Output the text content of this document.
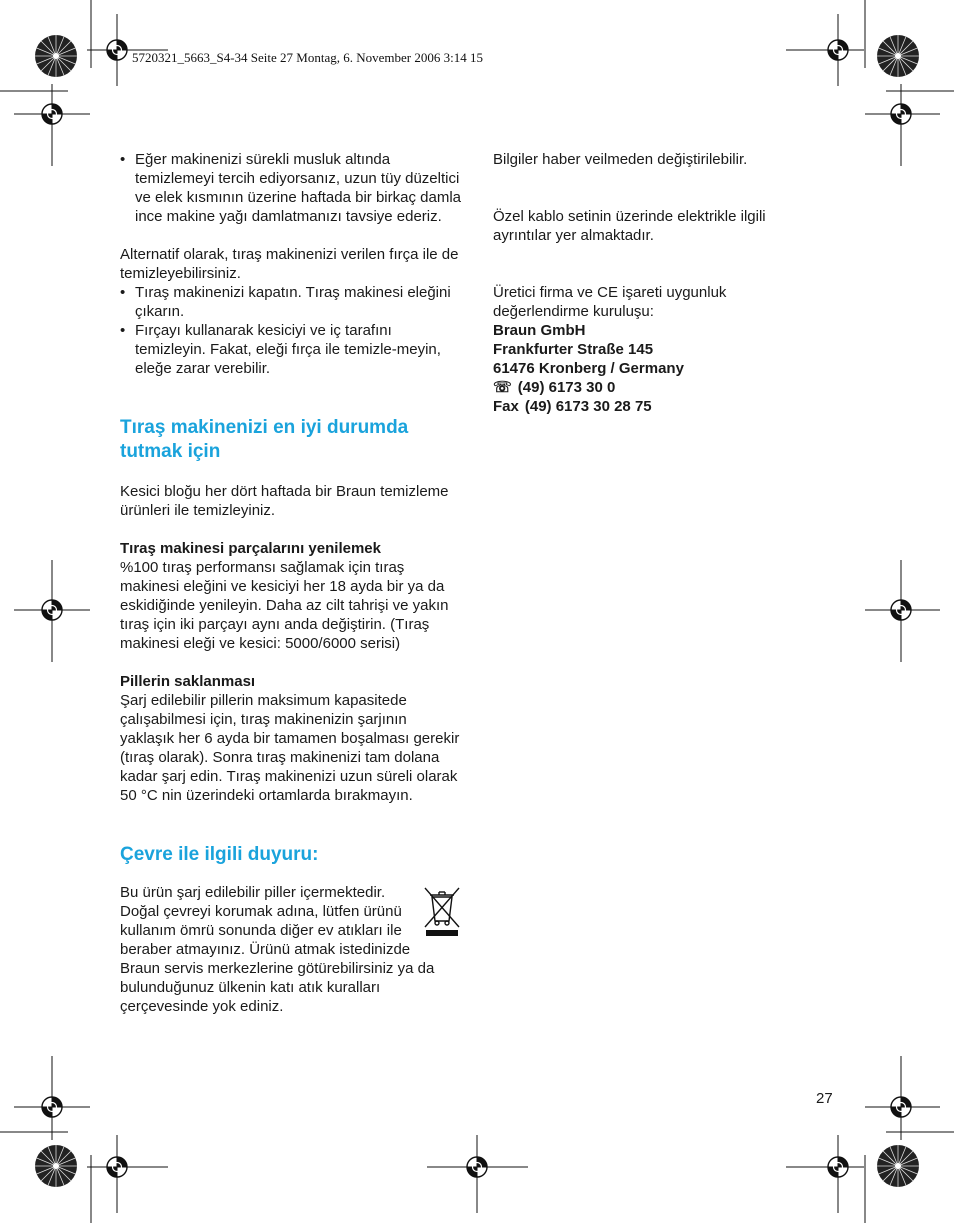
5720321_5663_S4-34 Seite 27 Montag, 6. November 2006 3:14 15

• Eğer makinenizi sürekli musluk altında temizlemeyi tercih ediyorsanız, uzun tüy düzeltici ve elek kısmının üzerine haftada bir birkaç damla ince makine yağı damlatmanızı tavsiye ederiz.

Alternatif olarak, tıraş makinenizi verilen fırça ile de temizleyebilirsiniz.

• Tıraş makinenizi kapatın. Tıraş makinesi eleğini çıkarın.

• Fırçayı kullanarak kesiciyi ve iç tarafını temizleyin. Fakat, eleği fırça ile temizle-meyin, eleğe zarar verebilir.

Tıraş makinenizi en iyi durumda tutmak için

Kesici bloğu her dört haftada bir Braun temizleme ürünleri ile temizleyiniz.

Tıraş makinesi parçalarını yenilemek

%100 tıraş performansı sağlamak için tıraş makinesi eleğini ve kesiciyi her 18 ayda bir ya da eskidiğinde yenileyin. Daha az cilt tahrişi ve yakın tıraş için iki parçayı aynı anda değiştirin. (Tıraş makinesi eleği ve kesici: 5000/6000 serisi)

Pillerin saklanması

Şarj edilebilir pillerin maksimum kapasitede çalışabilmesi için, tıraş makinenizin şarjının yaklaşık her 6 ayda bir tamamen boşalması gerekir (tıraş olarak). Sonra tıraş makinenizi tam dolana kadar şarj edin. Tıraş makinenizi uzun süreli olarak 50 °C nin üzerindeki ortamlarda bırakmayın.

Çevre ile ilgili duyuru:

Bu ürün şarj edilebilir piller içermektedir. Doğal çevreyi korumak adına, lütfen ürünü kullanım ömrü sonunda diğer ev atıkları ile beraber atmayınız. Ürünü atmak istedinizde Braun servis merkezlerine götürebilirsiniz ya da bulunduğunuz ülkenin katı atık kuralları çerçevesinde yok ediniz.

Bilgiler haber veilmeden değiştirilebilir.

Özel kablo setinin üzerinde elektrikle ilgili ayrıntılar yer almaktadır.

Üretici firma ve CE işareti uygunluk değerlendirme kuruluşu:

Braun GmbH

Frankfurter Straße 145

61476 Kronberg / Germany

☏ (49) 6173 30 0

Fax (49) 6173 30 28 75

27
